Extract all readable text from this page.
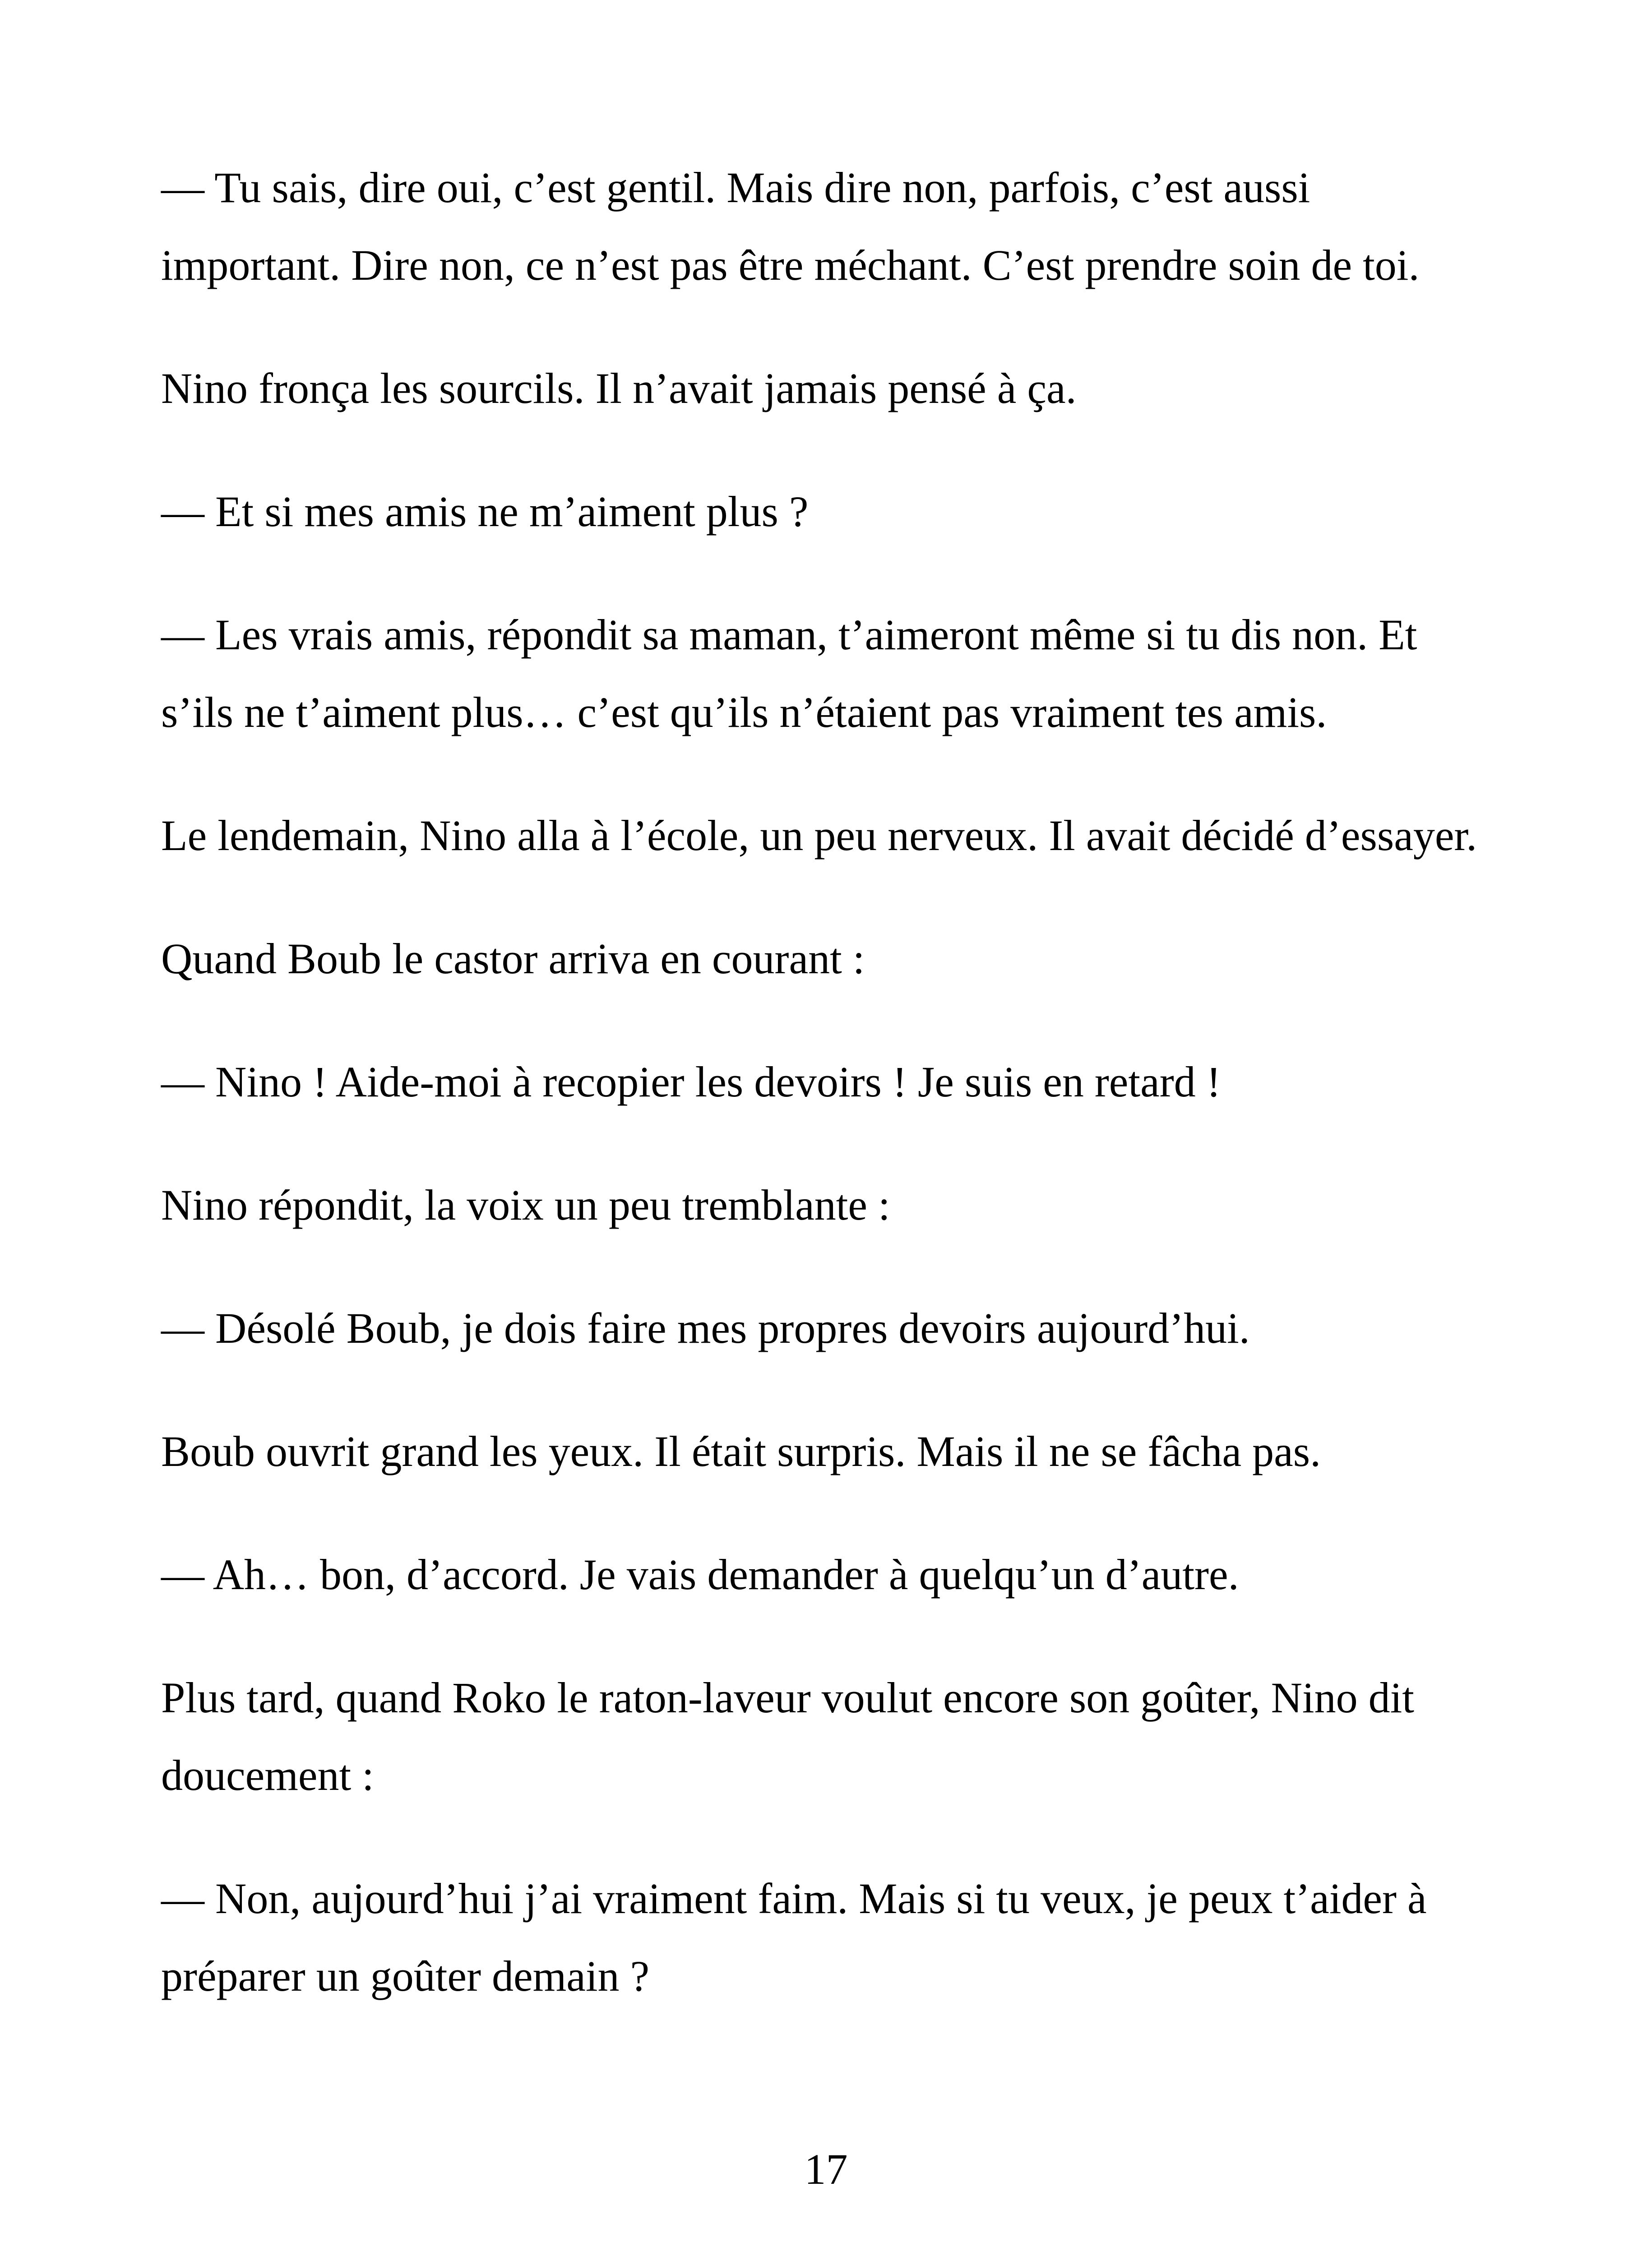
— Tu sais, dire oui, c’est gentil. Mais dire non, parfois, c’est aussi important. Dire non, ce n’est pas être méchant. C’est prendre soin de toi.

Nino fronça les sourcils. Il n’avait jamais pensé à ça.

— Et si mes amis ne m’aiment plus ?

— Les vrais amis, répondit sa maman, t’aimeront même si tu dis non. Et s’ils ne t’aiment plus… c’est qu’ils n’étaient pas vraiment tes amis.

Le lendemain, Nino alla à l’école, un peu nerveux. Il avait décidé d’essayer.

Quand Boub le castor arriva en courant :

— Nino ! Aide-moi à recopier les devoirs ! Je suis en retard !

Nino répondit, la voix un peu tremblante :

— Désolé Boub, je dois faire mes propres devoirs aujourd’hui.

Boub ouvrit grand les yeux. Il était surpris. Mais il ne se fâcha pas.

— Ah… bon, d’accord. Je vais demander à quelqu’un d’autre.

Plus tard, quand Roko le raton-laveur voulut encore son goûter, Nino dit doucement :

— Non, aujourd’hui j’ai vraiment faim. Mais si tu veux, je peux t’aider à préparer un goûter demain ?

17
